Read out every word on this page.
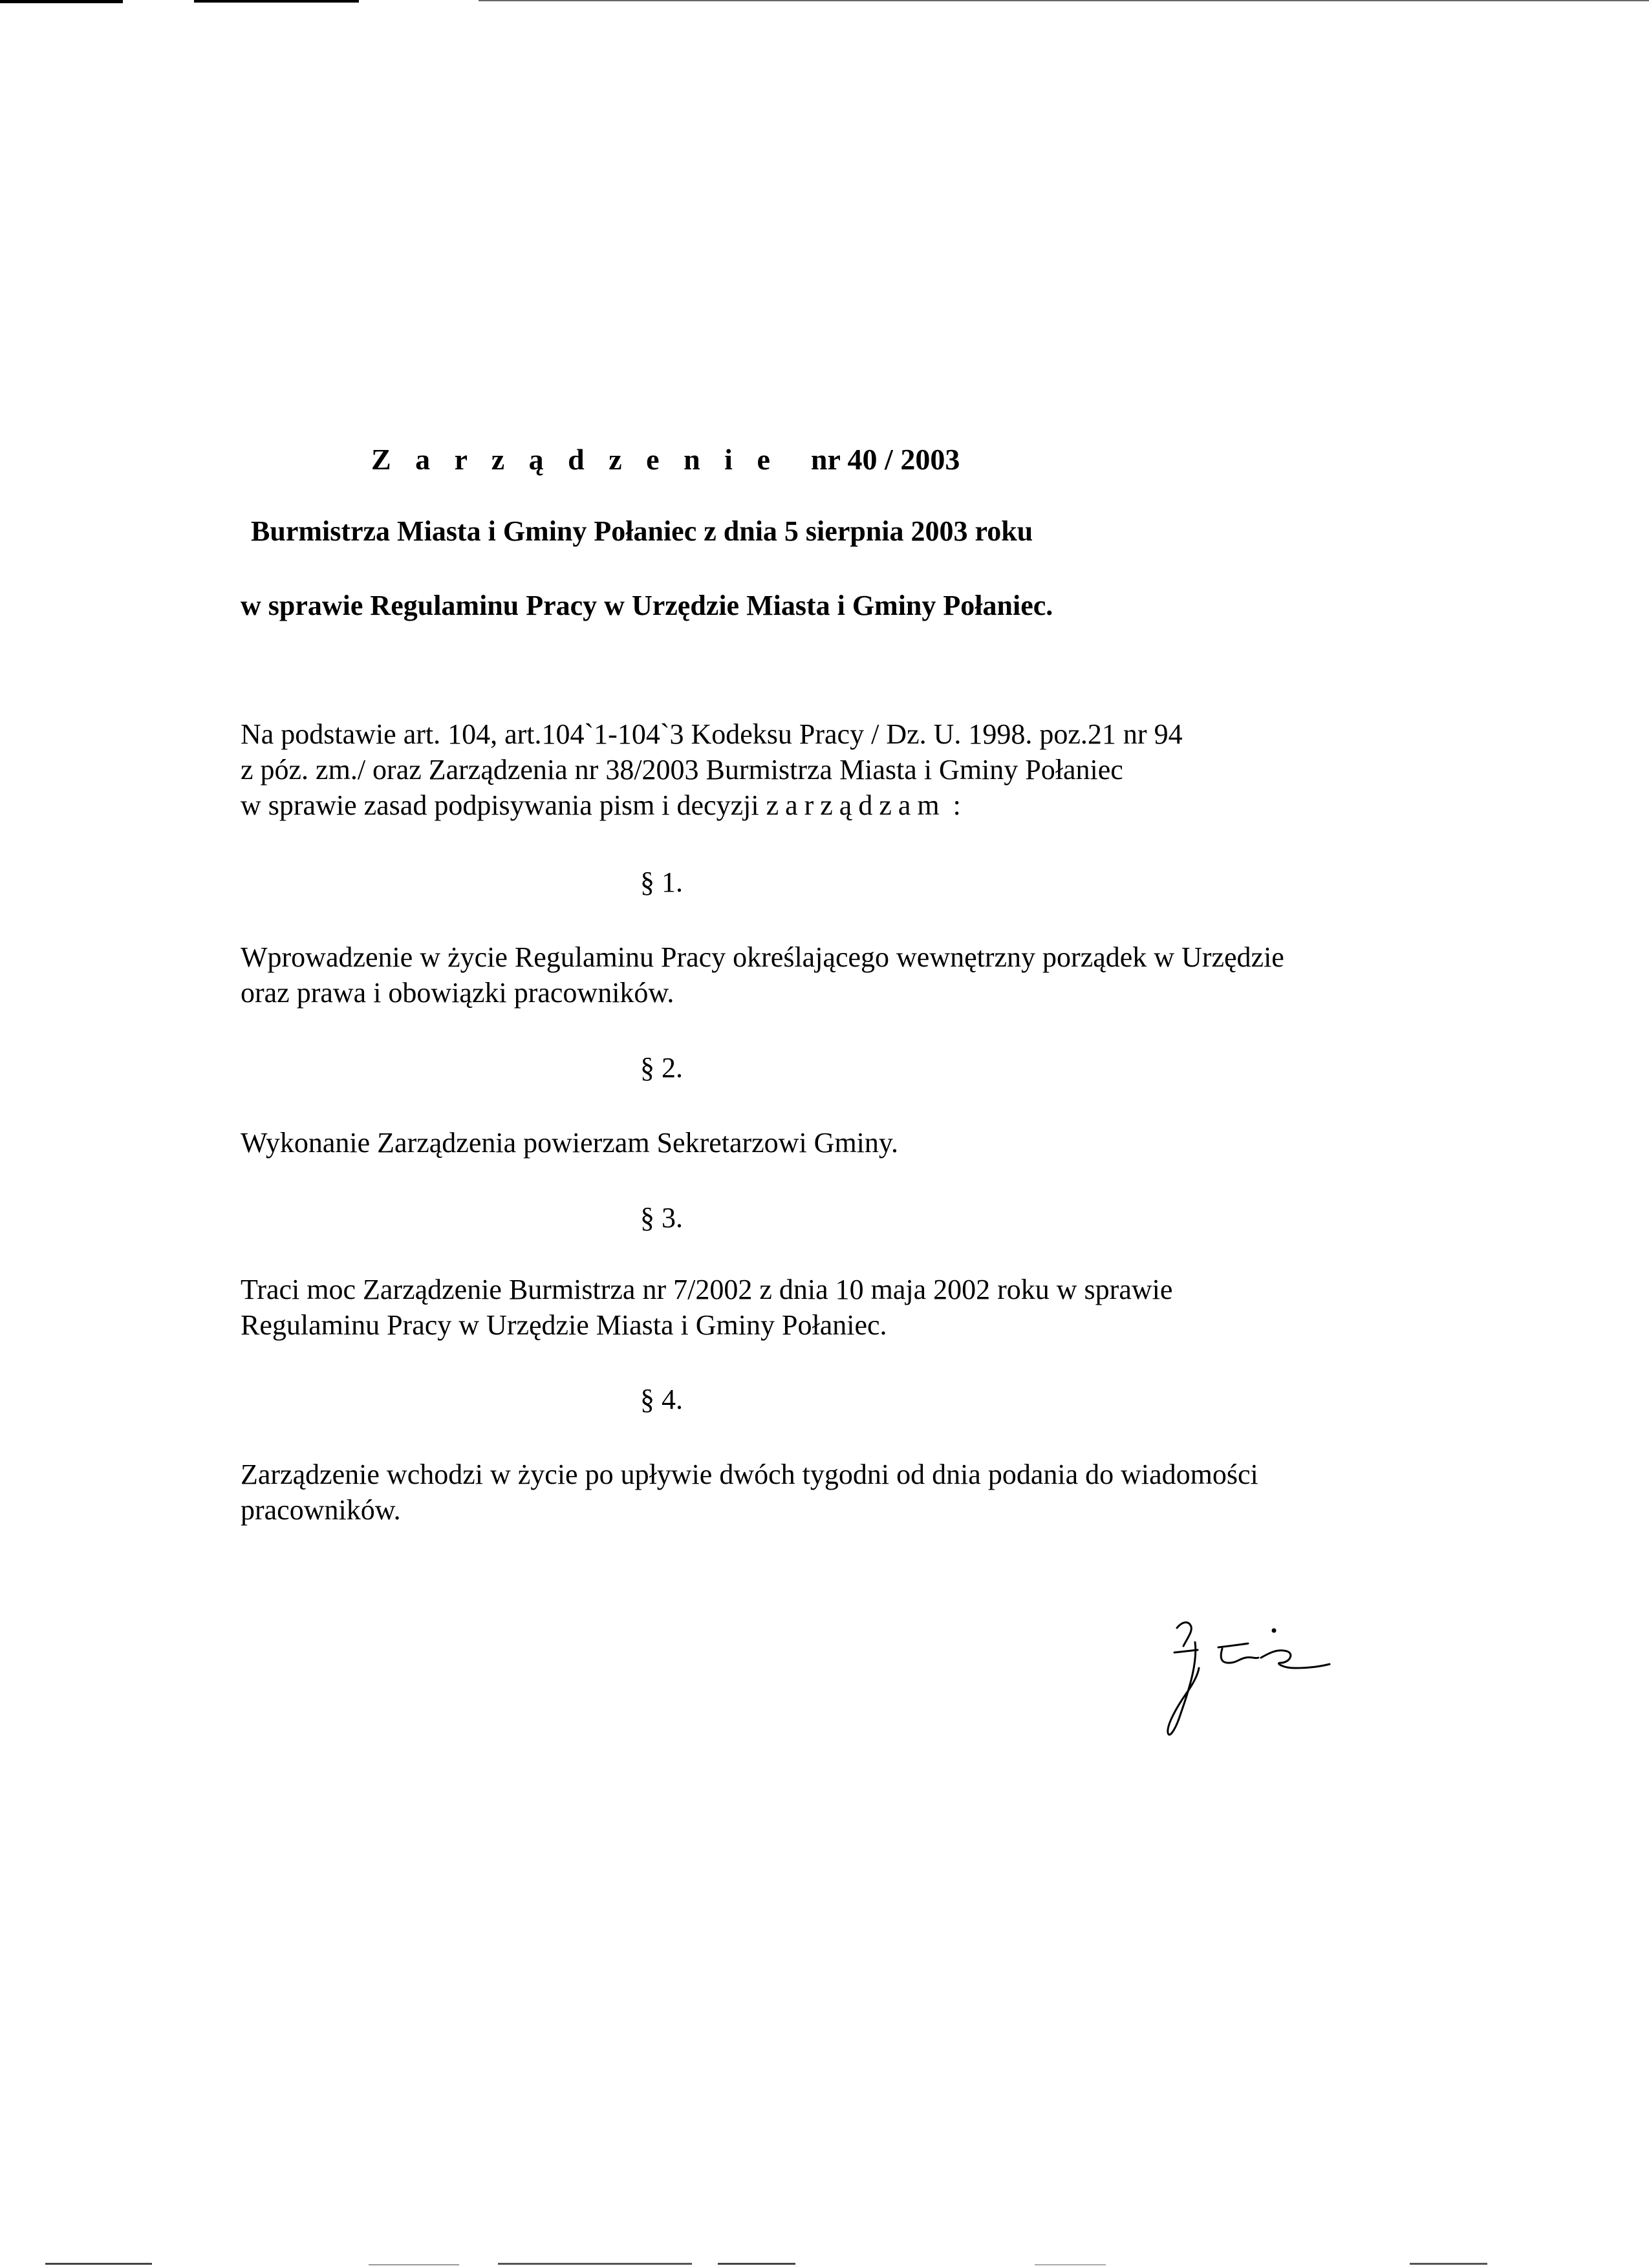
Z a r z ą d z e n i e nr 40 / 2003
Burmistrza Miasta i Gminy Połaniec z dnia 5 sierpnia 2003 roku
w sprawie Regulaminu Pracy w Urzędzie Miasta i Gminy Połaniec.
Na podstawie art. 104, art.104`1-104`3 Kodeksu Pracy / Dz. U. 1998. poz.21 nr 94
z póz. zm./ oraz Zarządzenia nr 38/2003 Burmistrza Miasta i Gminy Połaniec
w sprawie zasad podpisywania pism i decyzji zarządzam :
§ 1.
Wprowadzenie w życie Regulaminu Pracy określającego wewnętrzny porządek w Urzędzie
oraz prawa i obowiązki pracowników.
§ 2.
Wykonanie Zarządzenia powierzam Sekretarzowi Gminy.
§ 3.
Traci moc Zarządzenie Burmistrza nr 7/2002 z dnia 10 maja 2002 roku w sprawie
Regulaminu Pracy w Urzędzie Miasta i Gminy Połaniec.
§ 4.
Zarządzenie wchodzi w życie po upływie dwóch tygodni od dnia podania do wiadomości
pracowników.
